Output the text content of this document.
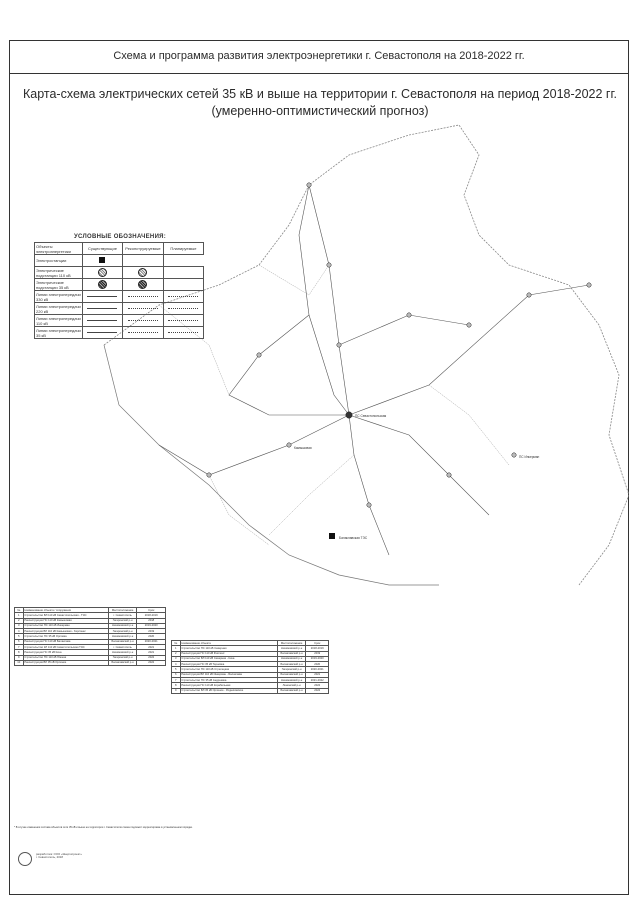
Схема и программа развития электроэнергетики г. Севастополя на 2018-2022 гг.
Карта-схема электрических сетей 35 кВ и выше на территории г. Севастополя на период 2018-2022 гг.
(умеренно-оптимистический прогноз)
ПС Севастопольская
Балаклавская ТЭС
Камышовая
ПС Инкерман
УСЛОВНЫЕ ОБОЗНАЧЕНИЯ:
Объекты электроэнергетики	Существующие	Реконструируемые	Планируемые
Электростанции			
Электрические подстанции 110 кВ			
Электрические подстанции 35 кВ			
Линии электропередачи 330 кВ			
Линии электропередачи 220 кВ			
Линии электропередачи 110 кВ			
Линии электропередачи 35 кВ			
№	Наименование объекта / сооружения	Местоположение	Срок
1	Строительство ВЛ 110 кВ Севастопольская - ТЭС	г. Севастополь	2018-2019
2	Реконструкция ПС 110 кВ Камышовая	Гагаринский р-н	2018
3	Строительство ПС 110 кВ Инкерман	Нахимовский р-н	2019-2020
4	Реконструкция ВЛ 110 кВ Камышовая - Херсонес	Гагаринский р-н	2019
5	Строительство ПС 35 кВ Орловка	Нахимовский р-н	2020
6	Реконструкция ПС 110 кВ Балаклава	Балаклавский р-н	2020-2021
7	Строительство КЛ 110 кВ Севастопольская ТЭС	г. Севастополь	2021
8	Реконструкция ПС 35 кВ Кача	Нахимовский р-н	2021
9	Строительство ПС 110 кВ Южная	Гагаринский р-н	2022
10	Реконструкция ВЛ 35 кВ Орлиное	Балаклавский р-н	2022
№	Наименование объекта	Местоположение	Срок
1	Строительство ПС 110 кВ Северная	Нахимовский р-н	2018-2019
2	Реконструкция ПС 110 кВ Фиолент	Балаклавский р-н	2019
3	Строительство ВЛ 110 кВ Северная - Кача	Нахимовский р-н	2019-2020
4	Реконструкция ПС 35 кВ Терновка	Балаклавский р-н	2020
5	Строительство ПС 110 кВ Стрелецкая	Гагаринский р-н	2020-2021
6	Реконструкция ВЛ 110 кВ Инкерман - Балаклава	Балаклавский р-н	2021
7	Строительство ПС 35 кВ Андреевка	Нахимовский р-н	2021-2022
8	Реконструкция ПС 110 кВ Корабельная	Ленинский р-н	2022
9	Строительство ВЛ 35 кВ Орлиное - Родниковское	Балаклавский р-н	2022
* В случае изменения состава объектов сети 35 кВ и выше на территории г. Севастополя схема подлежит корректировке в установленном порядке.
разработчик: ООО «Энергопроект»
г. Севастополь, 2018
